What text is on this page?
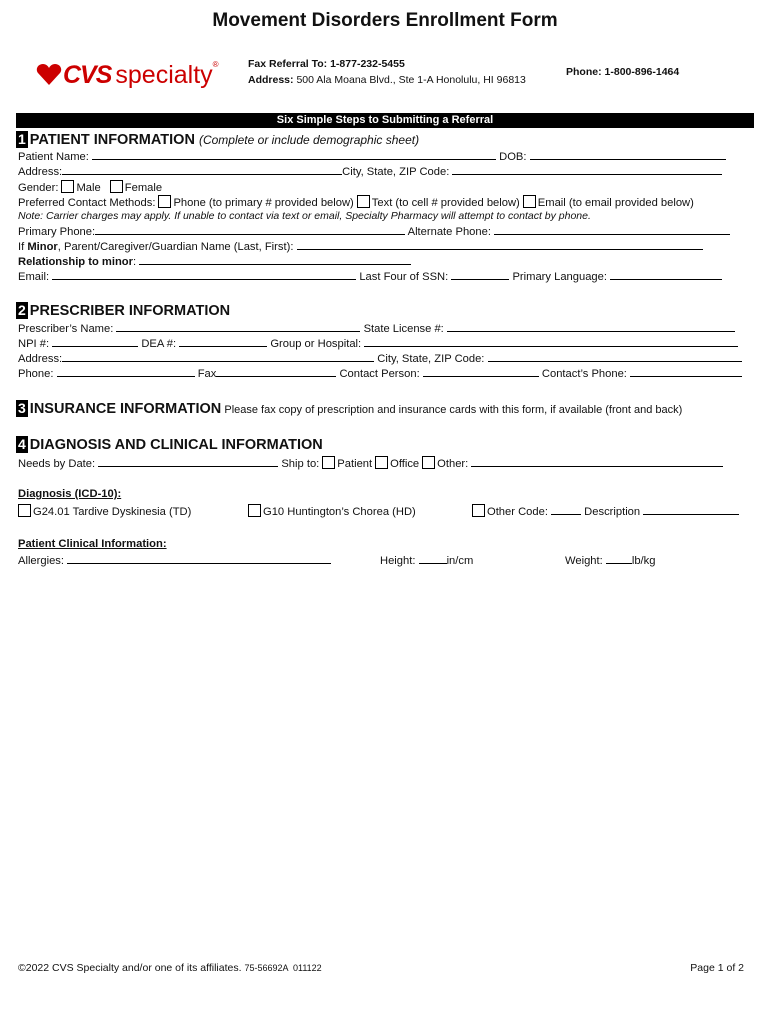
Movement Disorders Enrollment Form
CVS specialty ®	Fax Referral To: 1-877-232-5455
Address: 500 Ala Moana Blvd., Ste 1-A Honolulu, HI 96813
Phone: 1-800-896-1464
Six Simple Steps to Submitting a Referral
1 PATIENT INFORMATION (Complete or include demographic sheet)
Patient Name:	DOB:
Address:	City, State, ZIP Code:
Gender: Male Female
Preferred Contact Methods: Phone (to primary # provided below) Text (to cell # provided below) Email (to email provided below)
Note: Carrier charges may apply. If unable to contact via text or email, Specialty Pharmacy will attempt to contact by phone.
Primary Phone:	Alternate Phone:
If Minor, Parent/Caregiver/Guardian Name (Last, First):
Relationship to minor:
Email:	Last Four of SSN:	Primary Language:
2 PRESCRIBER INFORMATION
Prescriber’s Name:	State License #:
NPI #:	DEA #:	Group or Hospital:
Address:	City, State, ZIP Code:
Phone:	Fax	Contact Person:	Contact’s Phone:
3 INSURANCE INFORMATION Please fax copy of prescription and insurance cards with this form, if available (front and back)
4 DIAGNOSIS AND CLINICAL INFORMATION
Needs by Date:	Ship to: Patient Office Other:
Diagnosis (ICD-10):
G24.01 Tardive Dyskinesia (TD)	G10 Huntington’s Chorea (HD)	Other Code:	Description
Patient Clinical Information:
Allergies:	Height:	in/cm	Weight:	lb/kg
©2022 CVS Specialty and/or one of its affiliates. 75-56692A  011122	Page 1 of 2
